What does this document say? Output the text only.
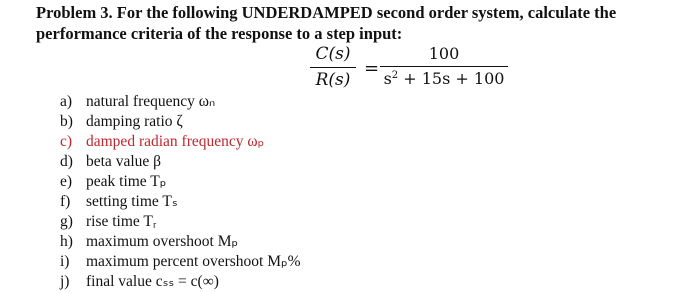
Problem 3. For the following UNDERDAMPED second order system, calculate the
performance criteria of the response to a step input:
C(s)
R(s)
=
100
$s^2 + 15s + 100$
a) natural frequency ωₙ
b) damping ratio ζ
c) damped radian frequency ωₚ
d) beta value β
e) peak time Tₚ
f) setting time Tₛ
g) rise time Tᵣ
h) maximum overshoot Mₚ
i) maximum percent overshoot Mₚ%
j) final value cₛₛ = c(∞)
